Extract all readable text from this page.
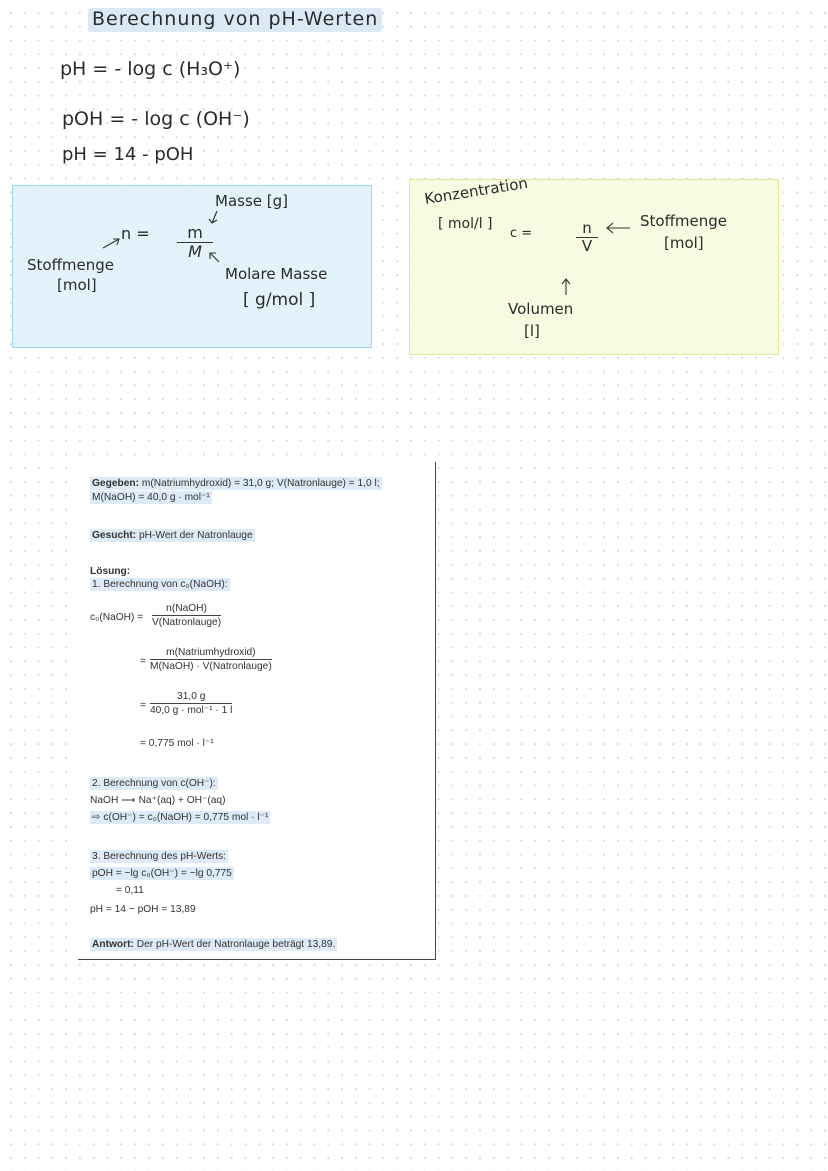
Berechnung von pH-Werten
pH = - log c (H₃O⁺)
pOH = - log c (OH⁻)
pH = 14 - pOH
Masse [g]
$n = \frac{m}{M}$
Stoffmenge
[mol]
Molare Masse
[ g/mol ]
Konzentration
[ mol/l ]
c =	$\frac{n}{V}$	Stoffmenge
[mol]
Volumen
[l]
Gegeben: m(Natriumhydroxid) = 31,0 g; V(Natronlauge) = 1,0 l;
M(NaOH) = 40,0 g · mol⁻¹
Gesucht: pH-Wert der Natronlauge
Lösung:
1. Berechnung von c₀(NaOH):
c₀(NaOH) =
n(NaOH)
V(Natronlauge)
=
m(Natriumhydroxid)
M(NaOH) · V(Natronlauge)
=
31,0 g
40,0 g · mol⁻¹ · 1 l
= 0,775 mol · l⁻¹
2. Berechnung von c(OH⁻):
NaOH ⟶ Na⁺(aq) + OH⁻(aq)
⇨ c(OH⁻) = c₀(NaOH) = 0,775 mol · l⁻¹
3. Berechnung des pH-Werts:
pOH = −lg c₀(OH⁻) = −lg 0,775
= 0,11
pH = 14 − pOH = 13,89
Antwort: Der pH-Wert der Natronlauge beträgt 13,89.
